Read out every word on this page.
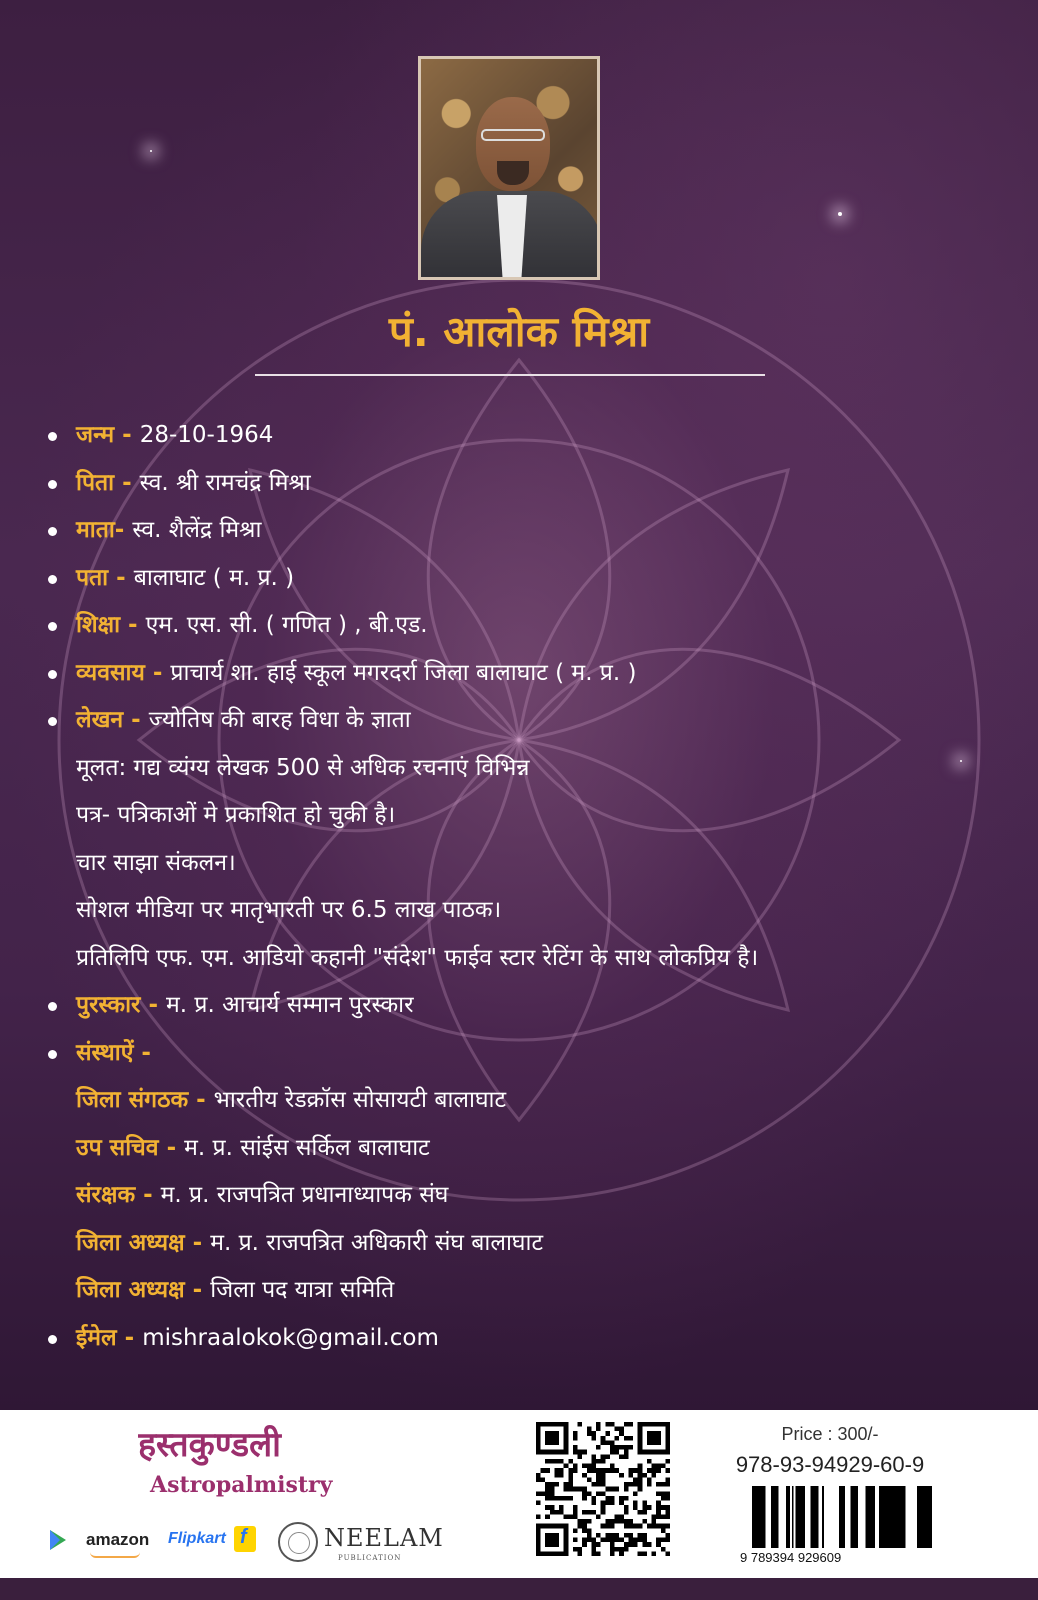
पं. आलोक मिश्रा
जन्म - 28-10-1964
पिता - स्व. श्री रामचंद्र मिश्रा
माता- स्व. शैलेंद्र मिश्रा
पता - बालाघाट ( म. प्र. )
शिक्षा - एम. एस. सी. ( गणित ) , बी.एड.
व्यवसाय - प्राचार्य शा. हाई स्कूल मगरदर्रा जिला बालाघाट ( म. प्र. )
लेखन - ज्योतिष की बारह विधा के ज्ञाता
मूलत: गद्य व्यंग्य लेखक 500 से अधिक रचनाएं विभिन्न
पत्र- पत्रिकाओं मे प्रकाशित हो चुकी है।
चार साझा संकलन।
सोशल मीडिया पर मातृभारती पर 6.5 लाख पाठक।
प्रतिलिपि एफ. एम. आडियो कहानी "संदेश" फाईव स्टार रेटिंग के साथ लोकप्रिय है।
पुरस्कार - म. प्र. आचार्य सम्मान पुरस्कार
संस्थाऐं -
जिला संगठक - भारतीय रेडक्रॉस सोसायटी बालाघाट
उप सचिव - म. प्र. सांईस सर्किल बालाघाट
संरक्षक - म. प्र. राजपत्रित प्रधानाध्यापक संघ
जिला अध्यक्ष - म. प्र. राजपत्रित अधिकारी संघ बालाघाट
जिला अध्यक्ष - जिला पद यात्रा समिति
ईमेल - mishraalokok@gmail.com
हस्तकुण्डली
Astropalmistry
amazon Flipkart
f	NEELAM
PUBLICATION
Price : 300/-
978-93-94929-60-9
9 789394 929609
